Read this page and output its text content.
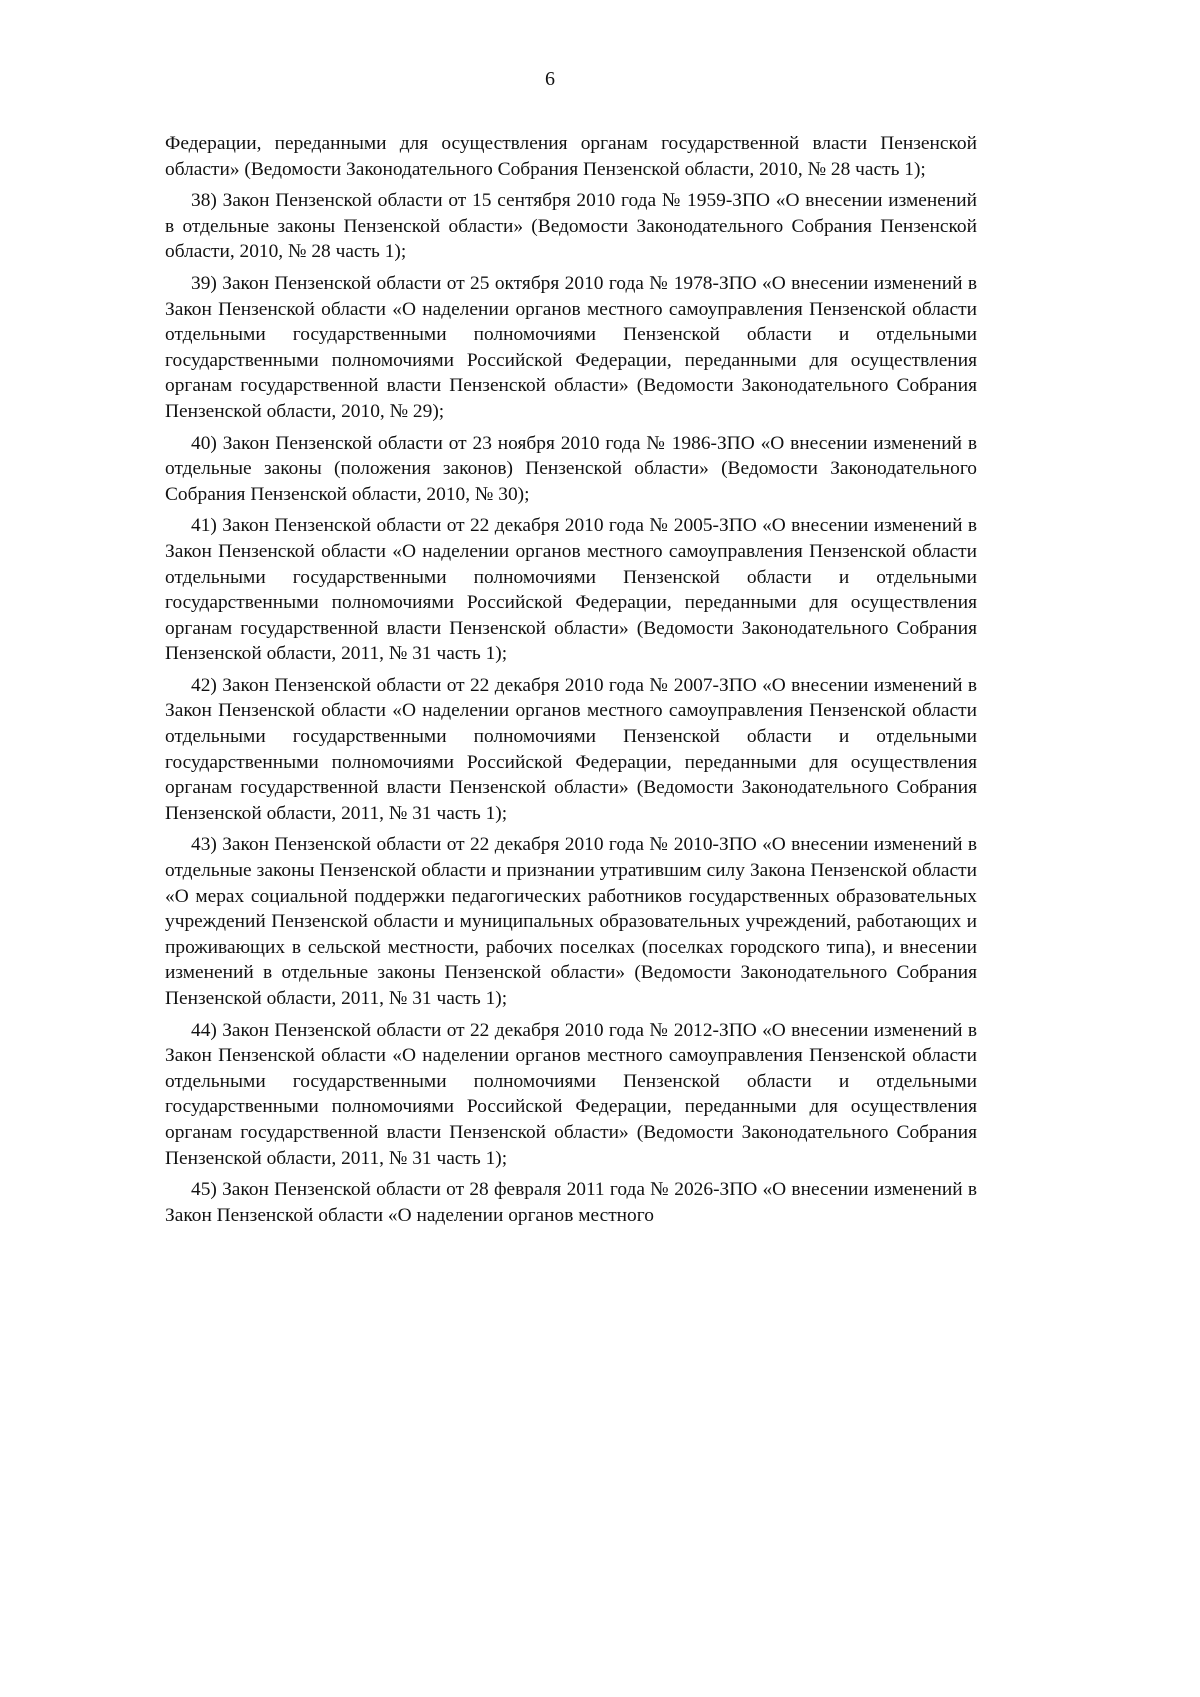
6

Федерации, переданными для осуществления органам государственной власти Пензенской области» (Ведомости Законодательного Собрания Пензенской области, 2010, № 28 часть 1);

38) Закон Пензенской области от 15 сентября 2010 года № 1959-ЗПО «О внесении изменений в отдельные законы Пензенской области» (Ведомости Законодательного Собрания Пензенской области, 2010, № 28 часть 1);

39) Закон Пензенской области от 25 октября 2010 года № 1978-ЗПО «О внесении изменений в Закон Пензенской области «О наделении органов местного самоуправления Пензенской области отдельными государственными полномочиями Пензенской области и отдельными государственными полномочиями Российской Федерации, переданными для осуществления органам государственной власти Пензенской области» (Ведомости Законодательного Собрания Пензенской области, 2010, № 29);

40) Закон Пензенской области от 23 ноября 2010 года № 1986-ЗПО «О внесении изменений в отдельные законы (положения законов) Пензенской области» (Ведомости Законодательного Собрания Пензенской области, 2010, № 30);

41) Закон Пензенской области от 22 декабря 2010 года № 2005-ЗПО «О внесении изменений в Закон Пензенской области «О наделении органов местного самоуправления Пензенской области отдельными государственными полномочиями Пензенской области и отдельными государственными полномочиями Российской Федерации, переданными для осуществления органам государственной власти Пензенской области» (Ведомости Законодательного Собрания Пензенской области, 2011, № 31 часть 1);

42) Закон Пензенской области от 22 декабря 2010 года № 2007-ЗПО «О внесении изменений в Закон Пензенской области «О наделении органов местного самоуправления Пензенской области отдельными государственными полномочиями Пензенской области и отдельными государственными полномочиями Российской Федерации, переданными для осуществления органам государственной власти Пензенской области» (Ведомости Законодательного Собрания Пензенской области, 2011, № 31 часть 1);

43) Закон Пензенской области от 22 декабря 2010 года № 2010-ЗПО «О внесении изменений в отдельные законы Пензенской области и признании утратившим силу Закона Пензенской области «О мерах социальной поддержки педагогических работников государственных образовательных учреждений Пензенской области и муниципальных образовательных учреждений, работающих и проживающих в сельской местности, рабочих поселках (поселках городского типа), и внесении изменений в отдельные законы Пензенской области» (Ведомости Законодательного Собрания Пензенской области, 2011, № 31 часть 1);

44) Закон Пензенской области от 22 декабря 2010 года № 2012-ЗПО «О внесении изменений в Закон Пензенской области «О наделении органов местного самоуправления Пензенской области отдельными государственными полномочиями Пензенской области и отдельными государственными полномочиями Российской Федерации, переданными для осуществления органам государственной власти Пензенской области» (Ведомости Законодательного Собрания Пензенской области, 2011, № 31 часть 1);

45) Закон Пензенской области от 28 февраля 2011 года № 2026-ЗПО «О внесении изменений в Закон Пензенской области «О наделении органов местного
